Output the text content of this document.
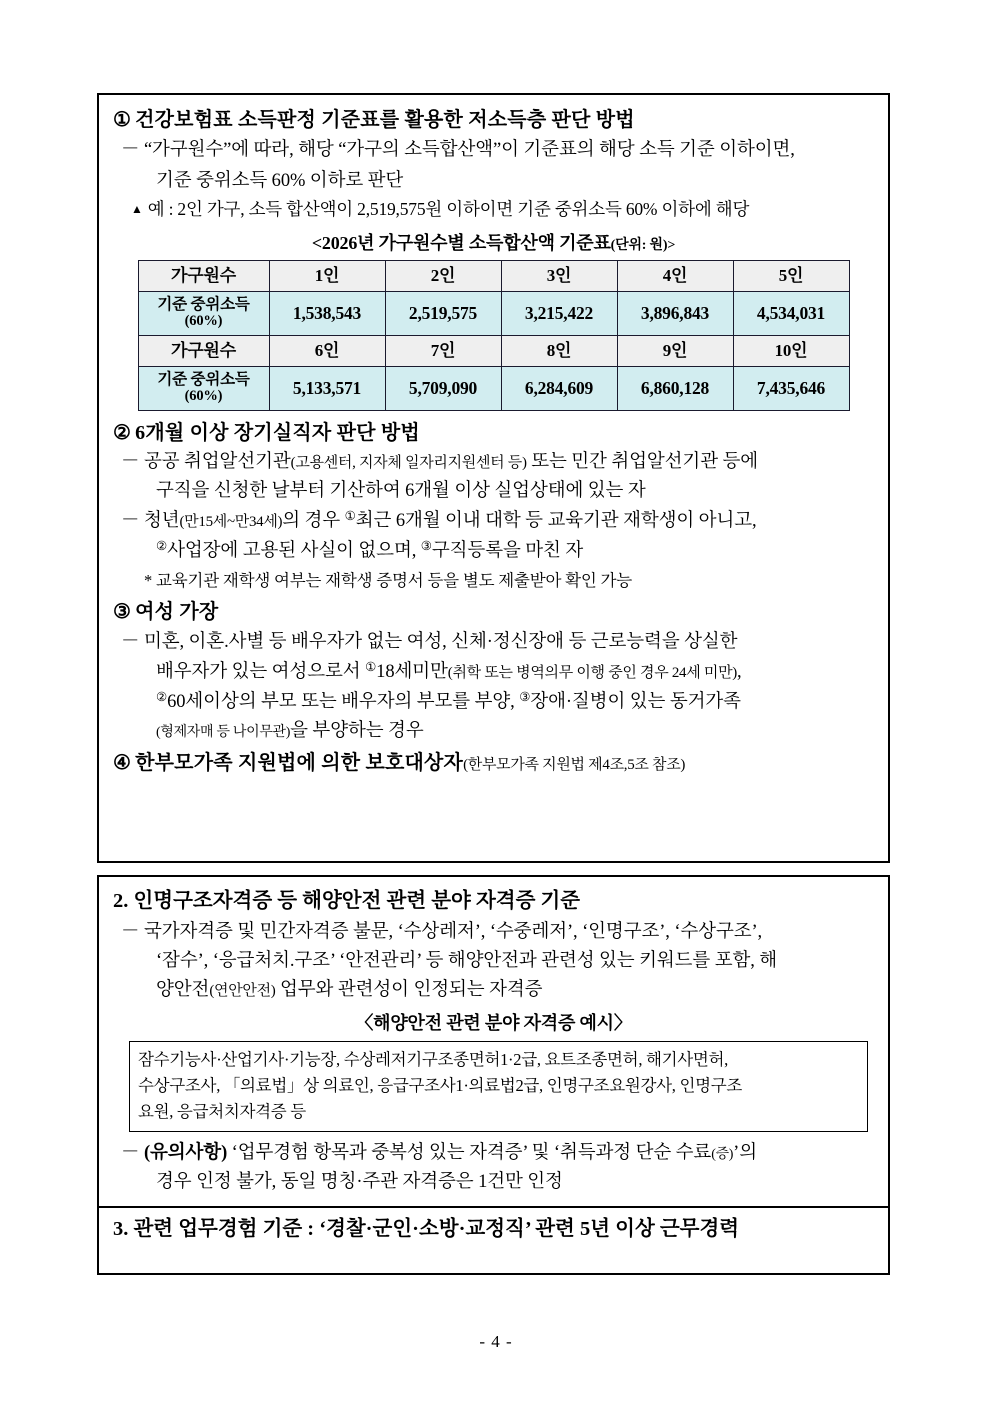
① 건강보험표 소득판정 기준표를 활용한 저소득층 판단 방법
－ “가구원수”에 따라, 해당 “가구의 소득합산액”이 기준표의 해당 소득 기준 이하이면,
기준 중위소득 60% 이하로 판단
▲ 예 : 2인 가구, 소득 합산액이 2,519,575원 이하이면 기준 중위소득 60% 이하에 해당
<2026년 가구원수별 소득합산액 기준표(단위: 원)>
가구원수	1인	2인	3인	4인	5인
기준 중위소득
(60%)	1,538,543	2,519,575	3,215,422	3,896,843	4,534,031
가구원수	6인	7인	8인	9인	10인
기준 중위소득
(60%)	5,133,571	5,709,090	6,284,609	6,860,128	7,435,646
② 6개월 이상 장기실직자 판단 방법
－ 공공 취업알선기관(고용센터, 지자체 일자리지원센터 등) 또는 민간 취업알선기관 등에
구직을 신청한 날부터 기산하여 6개월 이상 실업상태에 있는 자
－ 청년(만15세~만34세)의 경우 ①최근 6개월 이내 대학 등 교육기관 재학생이 아니고,
②사업장에 고용된 사실이 없으며, ③구직등록을 마친 자
* 교육기관 재학생 여부는 재학생 증명서 등을 별도 제출받아 확인 가능
③ 여성 가장
－ 미혼, 이혼.사별 등 배우자가 없는 여성, 신체·정신장애 등 근로능력을 상실한
배우자가 있는 여성으로서 ①18세미만(취학 또는 병역의무 이행 중인 경우 24세 미만),
②60세이상의 부모 또는 배우자의 부모를 부양, ③장애·질병이 있는 동거가족
(형제자매 등 나이무관)을 부양하는 경우
④ 한부모가족 지원법에 의한 보호대상자(한부모가족 지원법 제4조,5조 참조)
2. 인명구조자격증 등 해양안전 관련 분야 자격증 기준
－ 국가자격증 및 민간자격증 불문, ‘수상레저’, ‘수중레저’, ‘인명구조’, ‘수상구조’,
‘잠수’, ‘응급처치.구조’ ‘안전관리’ 등 해양안전과 관련성 있는 키워드를 포함, 해
양안전(연안안전) 업무와 관련성이 인정되는 자격증
〈해양안전 관련 분야 자격증 예시〉

잠수기능사·산업기사·기능장, 수상레저기구조종면허1·2급, 요트조종면허, 해기사면허,

수상구조사, 「의료법」상 의료인, 응급구조사1·의료법2급, 인명구조요원강사, 인명구조

요원, 응급처치자격증 등

－ (유의사항) ‘업무경험 항목과 중복성 있는 자격증’ 및 ‘취득과정 단순 수료(증)’의
경우 인정 불가, 동일 명칭·주관 자격증은 1건만 인정
3. 관련 업무경험 기준 : ‘경찰·군인·소방·교정직’ 관련 5년 이상 근무경력
- 4 -
